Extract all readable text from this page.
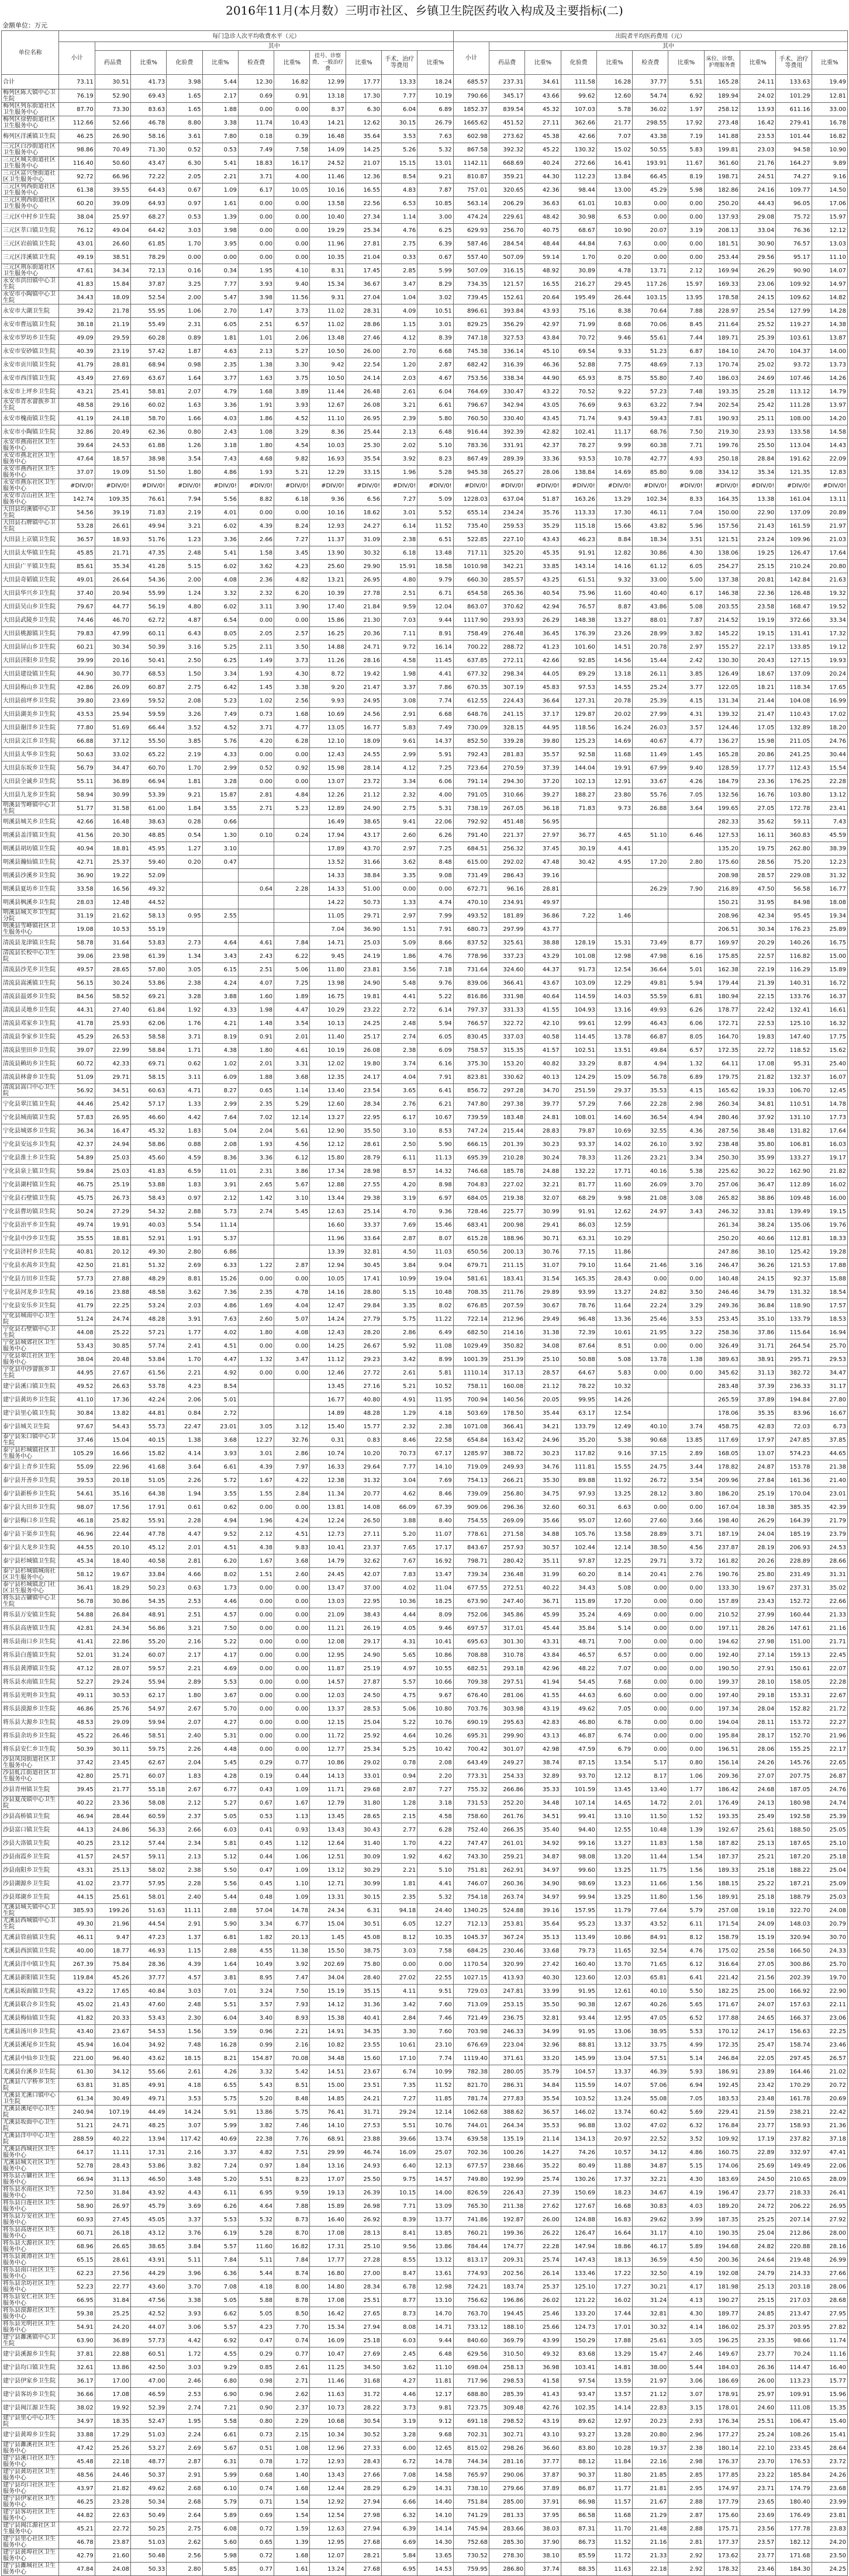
2016年11月(本月数）三明市社区、乡镇卫生院医药收入构成及主要指标(二)
金额单位：万元
单位名称	每门急诊人次平均收费水平（元）											出院者平均医药费用（元）										
	小计	其中										小计	其中									
		药品费	比重%	化验费	比重%	检查费	比重%	挂号、诊察费、一般治疗费	比重%	手术、治疗等费用	比重%		药品费	比重%	化验费	比重%	检查费	比重%	床位、诊察、护理服务费	比重%	手术、治疗等费用	比重%
合计	73.11	30.51	41.73	3.98	5.44	12.30	16.82	12.99	17.77	13.33	18.24	685.57	237.31	34.61	111.58	16.28	37.77	5.51	165.28	24.11	133.63	19.49
梅列区陈大镇中心卫生院	76.19	52.90	69.43	1.65	2.17	0.69	0.91	13.18	17.30	7.77	10.19	790.66	345.17	43.66	99.62	12.60	54.74	6.92	189.94	24.02	101.29	12.81
梅列区列东街道社区卫生服务中心	87.70	73.30	83.63	1.65	1.88	0.00	0.00	8.37	6.30	6.04	6.89	1852.37	839.54	45.32	107.03	5.78	36.02	1.97	258.12	13.93	611.16	33.00
梅列区徐碧街道社区卫生服务中心	112.66	52.66	46.78	8.80	3.38	11.74	10.43	14.21	12.62	30.15	26.79	1665.62	451.52	27.11	362.66	21.77	298.55	17.92	273.48	16.42	279.41	16.78
梅列区洋溪镇卫生院	46.25	26.90	58.16	3.61	7.80	0.18	0.39	16.48	35.64	3.53	7.63	602.98	273.62	45.38	42.66	7.07	43.38	7.19	141.88	23.53	101.44	16.82
三元区白沙街道社区卫生服务中心	98.86	70.49	71.30	0.52	0.53	7.49	7.58	14.09	14.25	5.26	5.32	867.58	392.32	45.22	130.32	15.02	50.55	5.83	199.81	23.03	94.58	10.90
三元区城关街道社区卫生服务中心	116.40	50.60	43.47	6.30	5.41	18.83	16.17	24.52	21.07	15.15	13.01	1142.11	668.69	40.24	272.66	16.41	193.91	11.67	361.60	21.76	164.27	9.89
三元区富兴堡街道社区卫生服务中心	92.72	66.96	72.22	2.05	2.21	3.71	4.00	11.46	12.36	8.54	9.21	810.87	359.21	44.30	112.23	13.84	66.45	8.19	198.71	24.51	74.27	9.16
三元区列西街道社区卫生服务中心	61.38	39.55	64.43	0.67	1.09	6.17	10.05	10.16	16.55	4.83	7.87	757.01	320.65	42.36	98.44	13.00	45.29	5.98	182.86	24.16	109.77	14.50
三元区荆西街道社区卫生服务中心	60.20	39.09	64.93	0.97	1.61	0.00	0.00	13.58	22.56	6.53	10.85	563.14	206.29	36.63	61.01	10.83	0.00	0.00	250.20	44.43	96.05	17.06
三元区中村乡卫生院	38.04	25.97	68.27	0.53	1.39	0.00	0.00	10.40	27.34	1.14	3.00	474.24	229.61	48.42	30.98	6.53	0.00	0.00	137.93	29.08	75.72	15.97
三元区莘口镇卫生院	76.12	49.04	64.42	3.03	3.98	0.00	0.00	19.29	25.34	4.76	6.25	629.93	256.70	40.75	68.67	10.90	20.07	3.19	208.13	33.04	76.36	12.12
三元区岩前镇卫生院	43.01	26.60	61.85	1.70	3.95	0.00	0.00	11.96	27.81	2.75	6.39	587.46	284.54	48.44	44.84	7.63	0.00	0.00	181.51	30.90	76.57	13.03
三元区洋溪镇卫生院	49.19	38.51	78.29	0.00	0.00	0.00	0.00	10.35	21.04	0.33	0.67	557.40	507.09	59.14	1.70	0.20	0.00	0.00	253.44	29.56	95.17	11.10
三元区荆东街道社区卫生服务中心	47.61	34.34	72.13	0.16	0.34	1.95	4.10	8.31	17.45	2.85	5.99	507.09	316.15	48.92	30.89	4.78	13.71	2.12	169.94	26.29	90.90	14.07
永安市洪田镇中心卫生院	41.83	15.84	37.87	3.25	7.77	3.93	9.40	15.34	36.67	3.47	8.29	734.35	121.57	16.55	216.27	29.45	117.26	15.97	169.33	23.06	109.92	14.97
永安市小陶镇中心卫生院	34.43	18.09	52.54	2.00	5.47	3.98	11.56	9.31	27.04	1.04	3.02	739.45	152.61	20.64	195.49	26.44	103.15	13.95	178.58	24.15	109.62	14.82
永安市大湖卫生院	39.42	21.78	55.95	1.06	2.70	1.47	3.73	11.02	28.31	4.09	10.51	896.61	393.84	43.93	75.16	8.38	70.64	7.88	228.97	25.54	127.99	14.28
永安市曹远镇卫生院	38.18	21.19	55.49	2.31	6.05	2.51	6.57	11.02	28.86	1.15	3.01	829.25	356.29	42.97	71.99	8.68	70.06	8.45	211.64	25.52	119.27	14.38
永安市罗坊乡卫生院	49.09	29.59	60.28	0.89	1.81	1.01	2.06	13.48	27.46	4.12	8.39	747.18	327.53	43.84	70.72	9.46	55.61	7.44	189.71	25.39	103.61	13.87
永安市安砂镇卫生院	40.39	23.19	57.42	1.87	4.63	2.13	5.27	10.50	26.00	2.70	6.68	745.38	336.14	45.10	69.54	9.33	51.23	6.87	184.10	24.70	104.37	14.00
永安市贡川镇卫生院	41.79	28.81	68.94	0.98	2.35	1.38	3.30	9.42	22.54	1.20	2.87	682.42	316.39	46.36	52.88	7.75	48.69	7.13	170.74	25.02	93.72	13.73
永安市西洋镇卫生院	43.49	27.69	63.67	1.64	3.77	1.63	3.75	10.50	24.14	2.03	4.67	753.56	338.34	44.90	65.93	8.75	55.80	7.40	186.03	24.69	107.46	14.26
永安市上坪乡卫生院	43.21	25.41	58.81	2.07	4.79	1.68	3.89	11.44	26.48	2.61	6.04	764.69	330.47	43.22	70.52	9.22	57.23	7.48	193.35	25.28	113.12	14.79
永安市青水畲族乡卫生院	48.58	29.16	60.02	1.63	3.36	1.91	3.93	12.67	26.08	3.21	6.61	796.67	342.94	43.05	76.69	9.63	63.22	7.94	202.54	25.42	111.28	13.97
永安市槐南镇卫生院	41.19	24.18	58.70	1.66	4.03	1.86	4.52	11.10	26.95	2.39	5.80	760.50	330.40	43.45	71.74	9.43	59.43	7.81	190.93	25.11	108.00	14.20
永安市小陶镇卫生院	32.86	20.49	62.36	0.80	2.43	1.08	3.29	8.36	25.44	2.13	6.48	916.44	392.39	42.82	102.41	11.17	68.76	7.50	219.30	23.93	133.58	14.58
永安市燕南社区卫生服务中心	39.64	24.53	61.88	1.26	3.18	1.80	4.54	10.03	25.30	2.02	5.10	783.36	331.91	42.37	78.27	9.99	60.38	7.71	199.76	25.50	113.04	14.43
永安市燕北社区卫生服务中心	47.64	18.57	38.98	3.54	7.43	4.68	9.82	16.93	35.54	3.92	8.23	867.49	289.39	33.36	93.53	10.78	42.77	4.93	250.18	28.84	191.62	22.09
永安市燕西社区卫生服务中心	37.07	19.09	51.50	1.80	4.86	1.93	5.21	12.29	33.15	1.96	5.28	945.38	265.27	28.06	138.84	14.69	85.80	9.08	334.12	35.34	121.35	12.83
永安市燕东社区卫生服务中心	#DIV/0!	#DIV/0!	#DIV/0!	#DIV/0!	#DIV/0!	#DIV/0!	#DIV/0!	#DIV/0!	#DIV/0!	#DIV/0!	#DIV/0!	#DIV/0!	#DIV/0!	#DIV/0!	#DIV/0!	#DIV/0!	#DIV/0!	#DIV/0!	#DIV/0!	#DIV/0!	#DIV/0!	#DIV/0!
永安市吉山社区卫生服务中心	142.74	109.35	76.61	7.94	5.56	8.82	6.18	9.36	6.56	7.27	5.09	1228.03	637.04	51.87	163.26	13.29	102.34	8.33	164.35	13.38	161.04	13.11
大田县均溪镇中心卫生院	54.56	39.19	71.83	2.19	4.01	0.00	0.00	10.16	18.62	3.01	5.52	655.14	234.24	35.76	113.33	17.30	46.11	7.04	150.00	22.90	137.09	20.89
大田县石牌镇中心卫生院	53.28	26.61	49.94	3.21	6.02	4.39	8.24	12.93	24.27	6.14	11.52	735.40	259.53	35.29	115.18	15.66	43.82	5.96	157.56	21.43	161.59	21.97
大田县上京镇卫生院	36.57	18.93	51.76	1.23	3.36	2.66	7.27	11.37	31.09	2.38	6.51	522.85	227.10	43.43	46.23	8.84	18.34	3.51	121.51	23.24	109.96	21.03
大田县太华镇卫生院	45.85	21.71	47.35	2.48	5.41	1.58	3.45	13.90	30.32	6.18	13.48	717.11	325.20	45.35	91.91	12.82	30.86	4.30	138.06	19.25	126.47	17.64
大田县广平镇卫生院	85.61	35.34	41.28	5.15	6.02	3.62	4.23	25.60	29.90	15.91	18.58	1010.98	342.21	33.85	143.14	14.16	61.12	6.05	254.27	25.15	210.24	20.80
大田县奇韬镇卫生院	49.01	26.64	54.36	2.00	4.08	2.36	4.82	13.21	26.95	4.80	9.79	660.30	285.57	43.25	61.51	9.32	33.00	5.00	137.38	20.81	142.84	21.63
大田县华兴乡卫生院	37.40	20.94	55.99	1.24	3.32	2.32	6.20	10.39	27.78	2.51	6.71	654.58	265.36	40.54	75.96	11.60	40.40	6.17	146.38	22.36	126.48	19.32
大田县吴山乡卫生院	79.67	44.77	56.19	4.80	6.02	3.11	3.90	17.40	21.84	9.59	12.04	863.07	370.62	42.94	76.57	8.87	43.86	5.08	203.55	23.58	168.47	19.52
大田县武陵乡卫生院	74.46	46.70	62.72	4.87	6.54	0.00	0.00	15.86	21.30	7.03	9.44	1117.90	293.93	26.29	148.38	13.27	88.01	7.87	214.52	19.19	372.66	33.34
大田县桃源镇卫生院	79.83	47.99	60.11	6.43	8.05	2.05	2.57	16.25	20.36	7.11	8.91	758.49	276.48	36.45	176.39	23.26	28.99	3.82	145.22	19.15	131.41	17.32
大田县屏山乡卫生院	60.21	30.34	50.39	3.16	5.25	2.11	3.50	14.88	24.71	9.72	16.14	700.22	288.72	41.23	101.60	14.51	20.78	2.97	155.27	22.17	133.85	19.12
大田县济阳乡卫生院	39.99	20.16	50.41	2.50	6.25	1.49	3.73	11.26	28.16	4.58	11.45	637.85	272.11	42.66	92.85	14.56	15.44	2.42	130.30	20.43	127.15	19.93
大田县建设镇卫生院	44.90	30.77	68.53	1.50	3.34	1.93	4.30	8.72	19.42	1.98	4.41	677.32	298.34	44.05	89.29	13.18	26.11	3.85	126.49	18.67	137.09	20.24
大田县梅山乡卫生院	42.86	26.09	60.87	2.75	6.42	1.45	3.38	9.20	21.47	3.37	7.86	670.35	307.19	45.83	97.53	14.55	25.24	3.77	122.05	18.21	118.34	17.65
大田县前坪乡卫生院	39.80	23.69	59.52	2.08	5.23	1.02	2.56	9.93	24.95	3.08	7.74	612.55	224.43	36.64	127.31	20.78	25.39	4.15	131.34	21.44	104.08	16.99
大田县湖美乡卫生院	43.53	25.94	59.59	3.26	7.49	0.73	1.68	10.69	24.56	2.91	6.68	648.76	241.15	37.17	129.87	20.02	27.99	4.31	139.32	21.47	110.43	17.02
大田县谢洋乡卫生院	77.80	51.69	66.44	3.52	4.52	3.71	4.77	13.05	16.77	5.83	7.49	730.09	328.15	44.95	118.56	16.24	26.03	3.57	124.46	17.05	132.89	18.20
大田县文江乡卫生院	66.88	37.12	55.50	3.85	5.76	4.20	6.28	12.10	18.09	9.61	14.37	852.50	339.28	39.80	125.23	14.69	40.67	4.77	136.27	15.98	211.05	24.76
大田县太华乡卫生院	50.63	33.02	65.22	2.19	4.33	0.00	0.00	12.43	24.55	2.99	5.91	792.43	281.83	35.57	92.58	11.68	11.49	1.45	165.28	20.86	241.25	30.44
大田县东坂乡卫生院	56.79	34.47	60.70	1.70	2.99	0.52	0.92	15.98	28.14	4.12	7.25	723.64	270.59	37.39	144.04	19.91	67.99	9.40	128.59	17.77	112.43	15.54
大田县全诚乡卫生院	55.11	36.89	66.94	1.81	3.28	0.00	0.00	13.07	23.72	3.34	6.06	791.14	294.30	37.20	102.13	12.91	33.67	4.26	184.79	23.36	176.25	22.28
大田县九龙乡卫生院	58.94	30.99	53.39	9.21	15.87	2.81	4.84	12.26	21.12	2.32	4.00	791.05	310.66	39.27	188.27	23.80	55.76	7.05	132.56	16.76	103.80	13.12
明溪县雪峰镇中心卫生院	51.77	31.58	61.00	1.84	3.55	2.71	5.23	12.89	24.90	2.75	5.31	738.19	267.05	36.18	71.83	9.73	26.88	3.64	199.65	27.05	172.78	23.41
明溪县城关乡卫生院	42.66	16.48	38.63	0.28	0.66			16.49	38.65	9.41	22.06	792.92	451.48	56.95					282.33	35.62	59.11	7.43
明溪县盖洋镇卫生院	41.56	20.30	48.85	0.54	1.30	0.10	0.24	17.94	43.17	2.60	6.26	791.40	221.37	27.97	36.77	4.65	51.10	6.46	127.53	16.11	360.83	45.59
明溪县胡坊镇卫生院	40.94	18.81	45.95	1.27	3.10			17.89	43.70	2.97	7.25	684.51	256.32	37.45	30.19	4.41			135.20	19.75	262.80	38.39
明溪县瀚仙镇卫生院	42.71	25.37	59.40	0.20	0.47			13.52	31.66	3.62	8.48	615.00	292.02	47.48	30.42	4.95	17.20	2.80	175.60	28.56	75.20	12.23
明溪县沙溪乡卫生院	36.90	19.22	52.09					14.33	38.84	3.35	9.08	731.49	286.43	39.16					208.98	28.57	229.08	31.32
明溪县夏坊乡卫生院	33.58	16.56	49.32			0.64	2.28	14.33	51.00	0.00	0.00	672.71	96.16	28.81			26.29	7.90	216.89	47.50	56.58	16.77
明溪县枫溪乡卫生院	28.03	12.48	44.52					14.22	50.73	1.33	4.74	470.10	234.91	49.97					150.21	31.95	84.98	18.08
明溪县城关乡卫生院分院	31.19	21.62	58.13	0.95	2.55			11.05	29.71	2.97	7.99	493.52	181.89	36.86	7.22	1.46			208.96	42.34	95.45	19.34
明溪县雪峰镇社区卫生服务中心	19.08	10.53	55.19					7.04	36.90	1.51	7.91	680.73	297.99	43.77					206.51	30.34	176.23	25.89
清流县龙津镇卫生院	58.78	31.64	53.83	2.73	4.64	4.61	7.84	14.71	25.03	5.09	8.66	837.52	325.61	38.88	128.19	15.31	73.49	8.77	169.97	20.29	140.26	16.75
清流县长校中心卫生院	39.06	23.98	61.39	1.34	3.43	2.43	6.22	9.45	24.19	1.86	4.76	778.96	337.23	43.29	101.08	12.98	47.98	6.16	175.85	22.57	116.82	15.00
清流县沙芜乡卫生院	49.57	28.65	57.80	3.05	6.15	2.51	5.06	11.80	23.81	3.56	7.18	731.64	324.60	44.37	91.73	12.54	36.64	5.01	162.38	22.19	116.29	15.89
清流县嵩溪镇卫生院	56.15	30.24	53.86	2.38	4.24	4.07	7.25	13.98	24.90	5.48	9.76	839.06	366.41	43.67	103.09	12.29	49.81	5.94	179.44	21.39	140.31	16.72
清流县温郊乡卫生院	84.56	58.52	69.21	3.28	3.88	1.60	1.89	16.75	19.81	4.41	5.22	816.86	331.98	40.64	114.59	14.03	55.59	6.81	180.94	22.15	133.76	16.37
清流县灵地乡卫生院	44.31	27.40	61.84	1.92	4.33	1.98	4.47	10.29	23.22	2.72	6.14	797.37	331.33	41.55	104.93	13.16	49.93	6.26	178.77	22.42	132.41	16.61
清流县邓家乡卫生院	41.78	25.93	62.06	1.76	4.21	1.48	3.54	10.13	24.25	2.48	5.94	766.57	322.72	42.10	99.61	12.99	46.43	6.06	172.71	22.53	125.10	16.32
清流县李家乡卫生院	45.29	26.53	58.58	3.71	8.19	0.91	2.01	11.40	25.17	2.74	6.05	830.45	337.03	40.58	114.45	13.78	66.87	8.05	164.70	19.83	147.40	17.75
清流县里田乡卫生院	39.07	22.99	58.84	1.71	4.38	1.80	4.61	10.19	26.08	2.38	6.09	758.57	315.35	41.57	102.51	13.51	49.84	6.57	172.35	22.72	118.52	15.62
清流县赖坊乡卫生院	60.72	42.33	69.71	0.62	1.02	2.01	3.31	12.02	19.80	3.74	6.16	375.30	153.20	40.82	33.29	8.87	4.94	1.32	64.11	17.08	95.31	25.40
清流县林畲乡卫生院	51.09	29.71	58.15	3.11	6.09	1.88	3.68	12.35	24.17	4.04	7.91	823.81	330.62	40.13	124.29	15.09	56.78	6.89	179.75	21.82	132.37	16.07
清流县嵩口中心卫生院	56.92	34.51	60.63	4.71	8.27	0.65	1.14	13.40	23.54	3.65	6.41	856.72	297.28	34.70	251.59	29.37	35.53	4.15	165.62	19.33	106.70	12.45
宁化县翠江镇卫生院	44.46	25.42	57.17	1.33	2.99	2.35	5.29	12.60	28.34	2.76	6.21	747.80	297.38	39.77	57.29	7.66	22.28	2.98	260.34	34.81	110.51	14.78
宁化县城南镇卫生院	57.83	26.95	46.60	4.42	7.64	7.02	12.14	13.27	22.95	6.17	10.67	739.59	183.48	24.81	108.01	14.60	36.54	4.94	280.46	37.92	131.10	17.73
宁化县城郊乡卫生院	36.34	16.47	45.32	1.83	5.04	2.04	5.61	12.90	35.50	3.10	8.53	747.24	215.44	28.83	79.87	10.69	32.55	4.36	287.56	38.48	131.82	17.64
宁化县安远乡卫生院	42.37	24.94	58.86	0.88	2.08	1.93	4.56	12.12	28.61	2.50	5.90	666.15	201.39	30.23	93.37	14.02	26.10	3.92	238.48	35.80	106.81	16.03
宁化县淮土乡卫生院	54.89	25.03	45.60	4.59	8.36	3.36	6.12	15.80	28.79	6.11	11.13	695.39	210.28	30.24	78.33	11.26	23.21	3.34	250.30	35.99	133.27	19.17
宁化县泉上镇卫生院	59.84	25.03	41.83	6.59	11.01	2.31	3.86	17.34	28.98	8.57	14.32	746.68	185.78	24.88	132.22	17.71	40.16	5.38	225.62	30.22	162.90	21.82
宁化县湖村镇卫生院	46.75	25.19	53.88	1.83	3.91	2.65	5.67	12.88	27.55	4.20	8.98	704.83	227.02	32.21	81.77	11.60	26.09	3.70	257.06	36.47	112.89	16.02
宁化县石壁镇卫生院	45.75	26.73	58.43	0.97	2.12	1.42	3.10	13.44	29.38	3.19	6.97	684.05	219.38	32.07	68.29	9.98	21.08	3.08	265.82	38.86	109.48	16.00
宁化县曹坊镇卫生院	50.24	27.29	54.32	2.88	5.73	2.74	5.45	12.63	25.14	4.70	9.36	728.46	225.77	30.99	91.91	12.62	24.97	3.43	246.32	33.81	139.49	19.15
宁化县治平乡卫生院	49.74	19.91	40.03	5.54	11.14			16.60	33.37	7.69	15.46	683.41	200.98	29.41	86.03	12.59			261.34	38.24	135.06	19.76
宁化县中沙乡卫生院	35.55	18.81	52.91	1.91	5.37			11.96	33.64	2.87	8.07	615.28	188.96	30.71	63.31	10.29			250.20	40.66	112.81	18.33
宁化县济村乡卫生院	40.81	20.12	49.30	2.80	6.86			13.39	32.81	4.50	11.03	650.56	200.13	30.76	77.15	11.86			247.86	38.10	125.42	19.28
宁化县水茜乡卫生院	42.50	21.81	51.32	2.69	6.33	1.22	2.87	12.94	30.45	3.84	9.04	679.71	211.15	31.07	79.10	11.64	21.46	3.16	246.47	36.26	121.53	17.88
宁化县方田乡卫生院	57.73	27.88	48.29	8.81	15.26	0.00	0.00	10.05	17.41	10.99	19.04	581.61	183.41	31.54	165.35	28.43	0.00	0.00	140.48	24.15	92.37	15.88
宁化县河龙乡卫生院	49.16	23.88	48.58	3.62	7.36	2.35	4.78	14.16	28.80	5.15	10.48	708.35	211.76	29.89	93.99	13.27	24.82	3.50	246.46	34.79	131.32	18.54
宁化县安乐乡卫生院	41.79	22.25	53.24	2.03	4.86	1.69	4.04	12.47	29.84	3.35	8.02	676.85	207.59	30.67	78.76	11.64	22.24	3.29	249.36	36.84	118.90	17.57
宁化县城南中心卫生院	51.24	24.74	48.28	3.91	7.63	2.60	5.07	14.24	27.79	5.75	11.22	722.14	212.96	29.49	96.48	13.36	25.46	3.53	253.45	35.10	133.79	18.53
宁化县石壁镇中心卫生院	44.08	25.22	57.21	1.77	4.02	1.80	4.08	12.43	28.20	2.86	6.49	682.50	214.16	31.38	72.39	10.61	21.95	3.22	258.36	37.86	115.64	16.94
宁化县城郊社区卫生服务中心	53.43	30.85	57.74	2.41	4.51	0.00	0.00	14.25	26.67	5.92	11.08	1029.49	350.82	34.08	87.64	8.51	0.00	0.00	326.49	31.71	264.54	25.70
宁化县翠江社区卫生服务中心	38.04	20.48	53.84	1.70	4.47	1.32	3.47	11.12	29.23	3.42	8.99	1001.39	251.39	25.10	50.88	5.08	13.78	1.38	389.63	38.91	295.71	29.53
宁化县中沙畲族乡卫生院	44.95	27.67	61.56	2.21	4.92	0.00	0.00	12.46	27.72	2.61	5.81	1110.14	317.13	28.57	64.67	5.83	0.00	0.00	345.62	31.13	382.72	34.47
建宁县溪口镇卫生院	49.52	26.63	53.78	4.23	8.54			13.45	27.16	5.21	10.52	758.11	160.08	21.12	78.22	10.32			283.48	37.39	236.33	31.17
建宁县黄坊乡卫生院	41.10	17.36	42.24	2.06	5.01			16.77	40.80	4.91	11.95	700.94	140.56	20.05	99.95	14.26			265.59	37.89	194.84	27.80
建宁县里心镇卫生院	30.84	13.82	44.81	0.84	2.72			14.89	48.28	1.29	4.18	503.69	178.50	35.44	63.17	12.54			178.06	35.35	83.96	16.67
泰宁县城关卫生院	97.67	54.43	55.73	22.47	23.01	3.05	3.12	15.40	15.77	2.32	2.38	1071.08	366.41	34.21	133.79	12.49	40.10	3.74	458.75	42.83	72.03	6.73
泰宁县朱口镇中心卫生院	37.46	15.04	40.15	1.38	3.68	12.27	32.76	0.31	0.83	8.46	22.58	654.84	163.42	24.96	35.20	5.38	90.68	13.85	117.69	17.97	247.85	37.85
泰宁县杉城镇社区卫生服务中心	105.29	16.66	15.82	4.14	3.93	3.01	2.86	10.74	10.20	70.73	67.17	1285.97	388.72	30.23	117.82	9.16	37.15	2.89	168.05	13.07	574.23	44.65
泰宁县上青乡卫生院	55.09	22.96	41.68	3.64	6.61	4.39	7.97	16.33	29.64	7.77	14.10	719.09	249.93	34.76	111.81	15.55	24.75	3.44	178.82	24.87	153.78	21.38
泰宁县开善乡卫生院	39.53	20.18	51.05	2.26	5.72	1.67	4.22	12.38	31.32	3.04	7.69	754.13	266.21	35.30	89.88	11.92	26.72	3.54	209.96	27.84	161.36	21.40
泰宁县新桥乡卫生院	54.61	35.16	64.38	1.94	3.55	1.55	2.84	11.34	20.77	4.62	8.46	739.09	256.80	34.75	97.93	13.25	28.12	3.80	186.20	25.19	170.04	23.01
泰宁县大田乡卫生院	98.07	17.56	17.91	0.61	0.62	0.00	0.00	13.81	14.08	66.09	67.39	909.06	296.36	32.60	60.31	6.63	0.00	0.00	167.04	18.38	385.35	42.39
泰宁县梅口乡卫生院	46.18	25.82	55.91	2.28	4.94	1.96	4.24	12.24	26.50	3.88	8.40	754.55	269.09	35.66	95.07	12.60	27.60	3.66	198.40	26.29	164.39	21.79
泰宁县下渠乡卫生院	46.96	22.44	47.78	4.47	9.52	2.12	4.51	12.73	27.11	5.20	11.07	778.61	271.58	34.88	105.76	13.58	28.89	3.71	187.19	24.04	185.19	23.79
泰宁县大龙乡卫生院	44.55	20.10	45.12	2.01	4.51	4.38	9.83	10.41	23.37	7.65	17.17	843.67	257.93	30.57	102.44	12.14	38.50	4.56	237.87	28.19	206.93	24.53
泰宁县杉城镇卫生院	45.34	18.40	40.58	2.81	6.20	1.67	3.68	14.79	32.62	7.67	16.92	798.71	280.42	35.11	97.87	12.25	29.71	3.72	161.82	20.26	228.89	28.66
泰宁县杉城镇城南社区卫生服务中心	58.12	19.67	33.84	4.66	8.02	1.51	2.60	24.45	42.07	7.83	13.47	739.34	236.48	31.99	60.20	8.14	20.41	2.76	190.76	25.80	231.49	31.31
泰宁县杉城镇北门社区卫生服务中心	36.41	18.29	50.23	0.63	1.73	0.00	0.00	13.47	37.00	4.02	11.04	677.55	272.51	40.22	34.43	5.08	0.00	0.00	133.30	19.67	237.31	35.02
将乐县古镛镇中心卫生院	56.78	30.86	54.35	2.53	4.46	0.00	0.00	13.03	22.95	10.36	18.25	673.90	247.40	36.71	115.89	17.20	0.00	0.00	157.89	23.43	152.72	22.66
将乐县万安镇卫生院	54.88	26.84	48.91	2.51	4.57	0.00	0.00	21.09	38.43	4.44	8.09	752.06	345.86	45.99	35.24	4.69	0.00	0.00	210.52	27.99	160.44	21.33
将乐县高唐镇卫生院	42.81	24.34	56.86	3.21	7.50	0.00	0.00	11.21	26.19	4.05	9.46	697.57	317.01	45.44	35.84	5.14	0.00	0.00	197.11	28.26	147.61	21.16
将乐县南口乡卫生院	41.41	22.86	55.20	2.16	5.22	0.00	0.00	12.08	29.17	4.31	10.41	695.63	301.30	43.31	48.71	7.00	0.00	0.00	194.62	27.98	151.00	21.71
将乐县白莲镇卫生院	52.01	31.24	60.07	2.17	4.17	0.00	0.00	12.95	24.90	5.65	10.86	708.88	310.78	43.84	46.57	6.57	0.00	0.00	192.40	27.14	159.13	22.45
将乐县黄潭镇卫生院	47.12	28.07	59.57	2.21	4.69	0.00	0.00	11.87	25.19	4.97	10.55	682.51	293.18	42.96	48.22	7.07	0.00	0.00	190.50	27.91	150.61	22.07
将乐县水南镇卫生院	52.27	29.24	55.94	2.89	5.53	0.00	0.00	14.57	27.87	5.57	10.66	709.38	297.51	41.94	54.45	7.68	0.00	0.00	199.37	28.10	158.05	22.28
将乐县光明乡卫生院	49.11	30.53	62.17	1.80	3.67	0.00	0.00	12.03	24.50	4.75	9.67	676.40	281.06	41.55	44.63	6.60	0.00	0.00	197.40	29.18	153.31	22.67
将乐县漠源乡卫生院	46.86	25.76	54.97	2.67	5.70	0.00	0.00	13.37	28.53	5.06	10.80	703.76	303.98	43.19	49.62	7.05	0.00	0.00	197.34	28.04	152.82	21.72
将乐县大源乡卫生院	48.53	29.09	59.94	2.07	4.27	0.00	0.00	12.15	25.04	5.22	10.76	690.19	295.63	42.83	46.80	6.78	0.00	0.00	194.04	28.11	153.72	22.27
将乐县余坊乡卫生院	45.22	26.46	58.51	2.40	5.31	0.00	0.00	11.72	25.92	4.64	10.26	695.31	299.90	43.13	46.87	6.74	0.00	0.00	195.84	28.17	152.70	21.96
将乐县安仁乡卫生院	50.39	30.11	59.75	2.26	4.48	0.00	0.00	12.77	25.34	5.25	10.42	700.42	301.07	42.98	47.59	6.79	0.00	0.00	196.51	28.06	155.25	22.17
沙县凤岗街道社区卫生服务中心	37.42	23.45	62.67	2.04	5.45	0.29	0.77	10.86	29.02	0.78	2.08	643.49	249.27	38.74	87.15	13.54	5.17	0.80	156.14	24.26	145.76	22.65
沙县虬江街道社区卫生服务中心	42.80	25.71	60.07	1.83	4.28	0.19	0.44	14.13	33.01	0.94	2.20	773.31	254.33	32.89	93.70	12.12	8.17	1.06	209.36	27.07	207.75	26.87
沙县青州镇卫生院	39.45	21.77	55.18	2.67	6.77	0.43	1.09	11.71	29.68	2.87	7.27	755.32	266.86	35.33	101.59	13.45	13.40	1.77	186.42	24.68	187.05	24.76
沙县夏茂镇中心卫生院	40.22	23.36	58.08	2.12	5.27	0.67	1.67	12.79	31.80	1.28	3.18	731.53	252.20	34.48	107.14	14.65	14.72	2.01	176.49	24.13	180.98	24.74
沙县高桥镇卫生院	46.94	28.44	60.59	2.37	5.05	0.53	1.13	13.45	28.65	2.15	4.58	758.60	261.76	34.51	99.41	13.10	11.50	1.52	193.35	25.49	192.58	25.39
沙县富口镇卫生院	44.13	24.86	56.33	2.66	6.03	0.41	0.93	13.43	30.43	2.77	6.28	752.40	266.35	35.40	94.40	12.55	10.48	1.39	192.67	25.61	188.50	25.05
沙县大洛镇卫生院	40.25	23.12	57.44	2.34	5.81	0.45	1.12	12.64	31.40	1.70	4.22	747.47	261.01	34.92	99.16	13.27	11.83	1.58	187.82	25.13	187.65	25.10
沙县南霞乡卫生院	41.57	24.57	59.11	2.13	5.12	0.44	1.06	12.51	30.09	1.92	4.62	743.30	259.21	34.87	98.08	13.20	11.44	1.54	187.37	25.21	187.20	25.18
沙县南阳乡卫生院	43.31	25.13	58.02	2.38	5.50	0.47	1.09	13.12	30.29	2.21	5.10	751.81	262.91	34.97	99.60	13.25	11.75	1.56	189.33	25.18	188.22	25.04
沙县湖源乡卫生院	41.02	23.77	57.95	2.28	5.56	0.45	1.10	12.71	30.99	1.81	4.41	746.07	260.36	34.90	98.69	13.23	11.66	1.56	188.15	25.22	187.21	25.09
沙县郑湖乡卫生院	44.15	25.61	58.01	2.40	5.44	0.48	1.09	13.31	30.15	2.35	5.32	754.18	263.74	34.97	99.94	13.25	11.80	1.56	189.91	25.18	188.79	25.03
尤溪县城关镇中心卫生院	385.93	199.26	51.63	11.11	2.88	57.04	14.78	24.34	6.31	94.18	24.40	1340.25	524.88	39.16	157.95	11.79	77.64	5.79	257.08	19.18	322.70	24.08
尤溪县西城镇中心卫生院	49.30	21.96	44.54	2.91	5.90	3.34	6.77	15.04	30.51	6.05	12.27	712.13	253.81	35.64	95.23	13.37	43.52	6.11	171.54	24.09	148.03	20.79
尤溪县管前镇卫生院	46.11	9.47	47.23	1.37	6.81	1.82	20.13	1.45	45.08	8.12	10.35	1045.37	367.24	35.13	113.49	10.86	84.91	8.12	158.79	15.19	320.94	30.70
尤溪县西滨镇卫生院	40.00	18.77	46.93	1.15	2.88	4.55	11.38	15.50	38.75	3.03	7.58	684.25	230.46	33.68	79.73	11.65	32.54	4.76	175.02	25.58	166.50	24.33
尤溪县洋中镇卫生院	267.39	75.84	28.36	4.39	1.64	10.49	3.92	202.69	75.80	0.00	0.00	1170.54	320.99	27.42	160.40	13.70	71.65	6.12	316.64	27.05	300.86	25.70
尤溪县新阳镇卫生院	119.84	45.26	37.77	4.57	3.81	8.95	7.47	34.04	28.40	27.02	22.55	1027.15	413.93	40.30	123.60	12.03	65.81	6.41	221.42	21.56	202.39	19.70
尤溪县坂面镇卫生院	43.22	17.65	40.84	3.03	7.01	3.24	7.50	15.19	35.15	4.11	9.51	729.03	247.81	33.99	91.95	12.61	40.10	5.50	182.25	25.00	166.92	22.90
尤溪县联合乡卫生院	45.02	21.43	47.60	2.48	5.51	3.57	7.93	14.12	31.36	3.42	7.60	713.09	253.15	35.50	90.38	12.67	40.26	5.65	171.67	24.07	157.63	22.11
尤溪县梅仙镇卫生院	41.82	20.33	53.43	2.30	6.04	3.40	8.93	15.38	40.41	2.84	7.46	721.49	236.75	32.81	93.44	12.95	47.05	6.52	177.88	24.65	166.37	23.06
尤溪县汤川乡卫生院	43.40	23.67	54.53	1.56	3.59	0.96	2.21	14.91	34.35	3.30	7.60	703.98	246.33	34.99	91.95	13.06	38.95	5.53	170.12	24.17	156.63	22.25
尤溪县溪尾乡卫生院	45.94	16.04	34.92	7.48	16.28	0.99	2.16	10.82	23.55	10.61	23.10	676.69	223.04	32.96	88.81	13.12	33.75	4.99	172.35	25.47	158.74	23.46
尤溪县中仙乡卫生院	221.00	96.40	43.62	18.15	8.21	154.87	70.08	34.48	15.60	17.10	7.74	1119.40	371.61	33.20	145.99	13.04	57.51	5.14	246.84	22.05	297.45	26.57
尤溪县台溪乡卫生院	61.30	34.12	55.66	2.61	4.26	3.32	5.42	14.51	23.67	6.74	10.99	782.38	280.05	35.79	104.57	13.37	46.39	5.93	186.91	23.89	164.46	21.02
尤溪县八字桥乡卫生院	63.81	31.85	49.91	4.18	6.55	5.43	8.51	15.00	23.51	7.35	11.52	821.70	286.31	34.84	115.59	14.07	57.06	6.94	192.45	23.42	170.29	20.72
尤溪县尤溪口镇中心卫生院	61.34	30.49	49.71	3.53	5.75	5.20	8.48	14.85	24.21	7.27	11.85	781.74	277.83	35.54	103.52	13.24	55.08	7.05	183.53	23.48	161.78	20.69
尤溪县溪尾中心卫生院	240.94	107.19	44.49	14.24	5.91	13.86	5.75	76.41	31.71	29.24	12.14	1062.68	388.62	36.57	146.02	13.74	60.42	5.69	229.41	21.59	238.21	22.42
尤溪县坂面中心卫生院	51.21	24.71	48.25	3.07	5.99	3.82	7.46	14.10	27.53	5.51	10.76	744.01	264.34	35.53	96.88	13.02	47.02	6.32	176.84	23.77	158.93	21.36
尤溪县洋中中心卫生院	288.59	40.22	13.94	117.42	40.69	22.38	7.76	68.91	23.88	39.66	13.74	639.58	135.19	21.14	134.13	20.97	22.52	3.52	109.92	17.19	237.82	37.18
尤溪县西城社区卫生服务中心	64.17	11.11	17.31	2.16	3.37	4.82	7.51	29.99	46.74	16.09	25.07	702.36	100.26	14.27	74.26	10.57	34.12	4.86	160.75	22.89	332.97	47.41
尤溪县城关社区卫生服务中心	52.78	28.43	53.86	3.82	7.24	0.97	1.84	13.16	24.93	6.40	12.13	677.57	238.66	35.22	80.49	11.88	34.87	5.15	174.06	25.69	149.49	22.06
将乐县古镛社区卫生服务中心	66.94	31.13	46.50	3.48	5.20	5.51	8.23	17.07	25.50	9.75	14.57	749.80	192.99	25.74	130.26	17.37	32.21	4.30	183.69	24.50	210.65	28.09
将乐县水南社区卫生服务中心	72.50	31.84	43.92	4.43	6.11	6.95	9.59	19.13	26.39	10.15	14.00	826.59	226.43	27.39	150.69	18.23	34.67	4.19	196.47	23.77	218.33	26.41
将乐县白莲社区卫生服务中心	58.90	26.97	45.79	3.69	6.26	4.64	7.88	15.89	26.98	7.71	13.09	765.30	211.38	27.62	127.67	16.68	30.83	4.03	189.20	24.72	206.22	26.95
将乐县万安社区卫生服务中心	60.93	27.45	45.05	3.37	5.53	5.32	8.73	16.40	26.92	8.39	13.77	741.86	192.87	26.00	124.88	16.83	29.62	3.99	187.35	25.25	207.14	27.92
将乐县高唐社区卫生服务中心	60.71	26.18	43.12	3.76	6.19	5.28	8.70	17.08	28.13	8.41	13.85	760.21	199.36	26.22	126.47	16.64	31.17	4.10	190.35	25.04	212.86	28.00
将乐县大源社区卫生服务中心	68.96	26.65	38.65	3.84	5.57	11.60	16.82	17.31	25.10	9.56	13.86	784.44	174.77	22.28	147.94	18.86	46.17	5.89	194.68	24.82	220.88	28.16
将乐县黄潭社区卫生服务中心	65.15	28.61	43.91	5.11	7.84	5.11	7.84	17.77	27.28	8.55	13.12	813.17	209.31	25.74	147.43	18.13	36.59	4.50	200.36	24.64	219.48	26.99
将乐县南口社区卫生服务中心	62.23	27.56	44.29	3.96	6.36	5.44	8.74	16.80	27.00	8.47	13.61	774.93	202.56	26.14	133.46	17.22	32.50	4.19	192.08	24.79	214.33	27.66
将乐县余坊社区卫生服务中心	52.23	22.77	43.60	3.70	7.08	4.18	8.00	14.80	28.34	6.78	12.98	724.21	183.74	25.37	125.10	17.27	30.21	4.17	181.98	25.13	203.18	28.06
将乐县安仁社区卫生服务中心	66.95	31.84	47.56	3.38	5.05	5.88	8.78	17.08	25.51	8.77	13.10	756.62	196.86	26.02	121.22	16.02	31.24	4.13	190.27	25.15	217.03	28.68
将乐县漠源社区卫生服务中心	59.38	25.25	42.52	3.93	6.62	5.05	8.50	16.42	27.65	8.73	14.70	763.70	194.45	25.46	133.20	17.44	32.81	4.30	189.77	24.85	213.47	27.95
将乐县光明社区卫生服务中心	54.91	24.20	44.07	3.06	5.57	4.23	7.70	15.34	27.94	8.08	14.71	733.12	188.10	25.66	124.73	17.01	30.32	4.14	186.02	25.37	203.95	27.82
建宁县濉溪镇中心卫生院	63.90	36.89	57.73	4.42	6.92	0.47	0.74	16.09	25.18	6.03	9.44	840.60	369.79	43.99	150.29	17.88	25.61	3.05	196.25	23.35	98.66	11.74
建宁县溪源乡卫生院	37.81	22.88	60.51	1.72	4.55	0.29	0.77	10.47	27.69	2.45	6.48	629.56	310.50	49.32	83.68	13.29	15.47	2.46	149.67	23.77	70.24	11.16
建宁县均口镇卫生院	32.61	13.86	42.50	3.03	9.29	0.85	2.61	11.25	34.50	3.62	11.10	698.04	258.13	36.98	103.41	14.81	38.00	5.44	184.03	26.36	114.47	16.40
建宁县伊家乡卫生院	36.17	17.00	47.00	2.46	6.80	0.98	2.71	11.46	31.68	4.27	11.81	717.96	298.53	41.58	97.54	13.59	21.97	3.06	186.69	26.00	113.23	15.77
建宁县客坊乡卫生院	36.66	17.08	46.59	2.53	6.90	0.96	2.62	11.63	31.72	4.46	12.17	688.80	285.39	41.43	93.47	13.57	21.12	3.07	178.91	25.97	109.91	15.96
建宁县闽江源卫生院	38.02	19.92	52.39	2.74	7.21	0.90	2.37	10.73	28.22	3.73	9.81	723.75	309.48	42.76	102.35	14.14	22.83	3.15	178.01	24.60	111.08	15.35
建宁县里心中心卫生院	34.97	18.35	52.47	1.95	5.58	0.80	2.29	10.68	30.54	3.19	9.12	691.18	298.52	43.19	89.62	12.97	20.23	2.93	176.34	25.51	106.47	15.40
建宁县黄埠乡卫生院	33.88	17.29	51.03	2.24	6.61	0.73	2.15	10.34	30.52	3.28	9.68	702.31	302.71	43.10	93.27	13.28	20.80	2.96	177.27	25.24	108.26	15.41
建宁县濉溪社区卫生服务中心	47.42	25.26	53.27	2.69	5.67	0.51	1.08	12.96	27.33	6.00	12.65	815.02	298.26	36.60	83.80	10.28	19.37	2.38	180.14	22.10	233.45	28.64
建宁县溪口社区卫生服务中心	45.48	22.18	48.77	2.87	6.31	0.78	1.72	12.93	28.43	6.72	14.78	744.34	281.16	37.77	88.12	11.84	22.16	2.98	176.37	23.70	176.53	23.72
建宁县黄坊社区卫生服务中心	48.56	24.46	50.37	2.91	5.99	0.68	1.40	13.43	27.66	7.08	14.58	765.97	290.06	37.87	90.37	11.80	21.85	2.85	177.85	23.22	185.84	24.26
建宁县均口社区卫生服务中心	43.97	21.82	49.62	2.68	6.10	0.74	1.68	12.44	28.29	6.29	14.31	738.10	279.66	37.89	86.87	11.77	21.81	2.95	174.97	23.71	174.79	23.68
建宁县伊家社区卫生服务中心	46.25	23.28	50.34	2.68	5.79	0.71	1.54	12.92	27.94	6.66	14.40	751.84	285.00	37.91	86.98	11.57	21.67	2.88	177.79	23.65	180.40	23.99
建宁县客坊社区卫生服务中心	44.82	22.63	50.49	2.64	5.89	0.69	1.54	12.54	27.98	6.32	14.10	741.29	281.33	37.95	86.58	11.68	21.29	2.87	175.60	23.69	176.49	23.81
建宁县闽江源社区卫生服务中心	45.21	22.72	50.25	2.75	6.08	0.72	1.59	12.63	27.94	6.39	14.14	745.94	283.66	38.03	87.31	11.70	21.48	2.88	175.71	23.56	177.78	23.83
建宁县里心社区卫生服务中心	46.78	23.87	51.03	2.62	5.60	0.65	1.39	12.95	27.68	6.69	14.30	752.68	285.30	37.90	86.73	11.52	21.16	2.81	177.37	23.57	182.12	24.20
建宁县黄埠社区卫生服务中心	42.79	21.60	50.48	2.56	5.98	0.72	1.68	12.07	28.21	5.84	13.65	730.52	278.30	38.10	85.59	11.72	21.33	2.92	173.62	23.77	171.68	23.50
建宁县濉城社区卫生服务中心	47.84	24.08	50.33	2.80	5.85	0.77	1.61	13.24	27.68	6.95	14.53	759.95	286.80	37.74	88.35	11.63	22.18	2.92	178.32	23.46	184.30	24.25
